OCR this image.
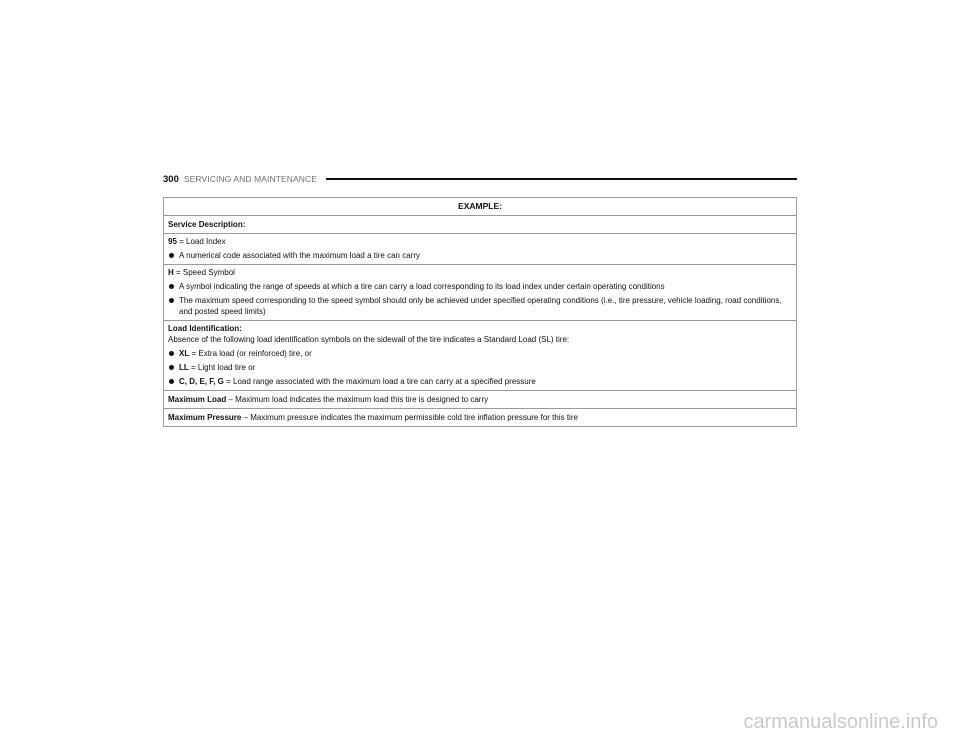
300 SERVICING AND MAINTENANCE
EXAMPLE:
Service Description:
95 = Load Index
A numerical code associated with the maximum load a tire can carry
H = Speed Symbol
A symbol indicating the range of speeds at which a tire can carry a load corresponding to its load index under certain operating conditions
The maximum speed corresponding to the speed symbol should only be achieved under specified operating conditions (i.e., tire pressure, vehicle loading, road conditions, and posted speed limits)
Load Identification:
Absence of the following load identification symbols on the sidewall of the tire indicates a Standard Load (SL) tire:
XL = Extra load (or reinforced) tire, or
LL = Light load tire or
C, D, E, F, G = Load range associated with the maximum load a tire can carry at a specified pressure
Maximum Load – Maximum load indicates the maximum load this tire is designed to carry
Maximum Pressure – Maximum pressure indicates the maximum permissible cold tire inflation pressure for this tire
carmanualsonline.info
